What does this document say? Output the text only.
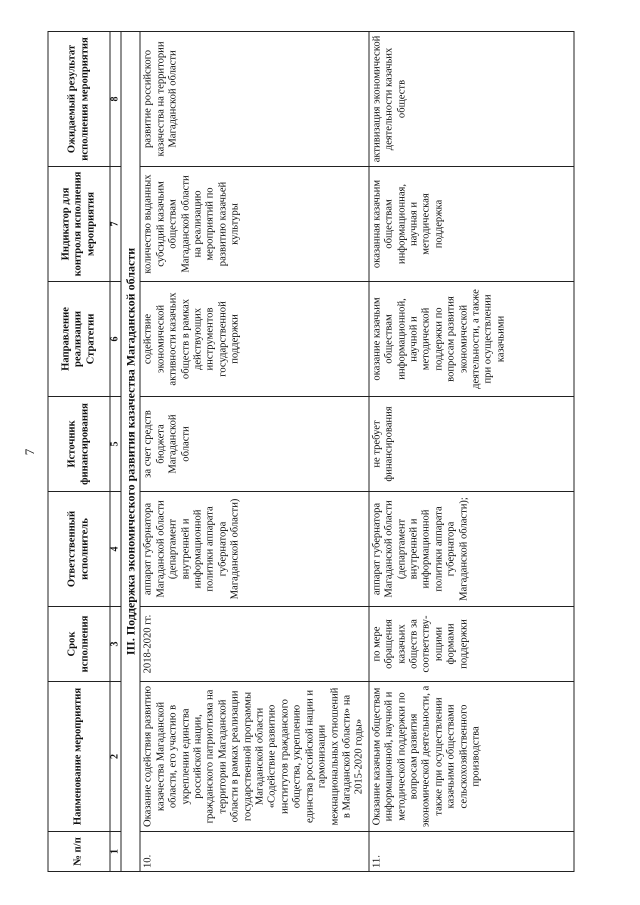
7
№ п/п	Наименование мероприятия	Срок исполнения	Ответственный исполнитель	Источник финансирования	Направление реализации Стратегии	Индикатор для контроля исполнения мероприятия	Ожидаемый результат исполнения мероприятия
1	2	3	4	5	6	7	8
III. Поддержка экономического развития казачества Магаданской области							
10.	Оказание содействия развитию казачества Магаданской области, его участию в укреплении единства российской нации, гражданского патриотизма на территории Магаданской области в рамках реализации государственной программы Магаданской области «Содействие развитию институтов гражданского общества, укреплению единства российской нации и гармонизации межнациональных отношений в Магаданской области» на 2015-2020 годы»	2018-2020 гг.	аппарат губернатора Магаданской области (департамент внутренней и информационной политики аппарата губернатора Магаданской области)	за счет средств бюджета Магаданской области	содействие экономической активности казачьих обществ в рамках действующих инструментов государственной поддержки	количество выданных субсидий казачьим обществам Магаданской области на реализацию мероприятий по развитию казачьей культуры	развитие российского казачества на территории Магаданской области
11.	Оказание казачьим обществам информационной, научной и методической поддержки по вопросам развития экономической деятельности, а также при осуществлении казачьими обществами сельскохозяйственного производства	по мере обращения казачьих обществ за соответству-ющими формами поддержки	аппарат губернатора Магаданской области (департамент внутренней и информационной политики аппарата губернатора Магаданской области);	не требует финансирования	оказание казачьим обществам информационной, научной и методической поддержки по вопросам развития экономической деятельности, а также при осуществлении казачьими	оказанная казачьим обществам информационная, научная и методическая поддержка	активизация экономической деятельности казачьих обществ
